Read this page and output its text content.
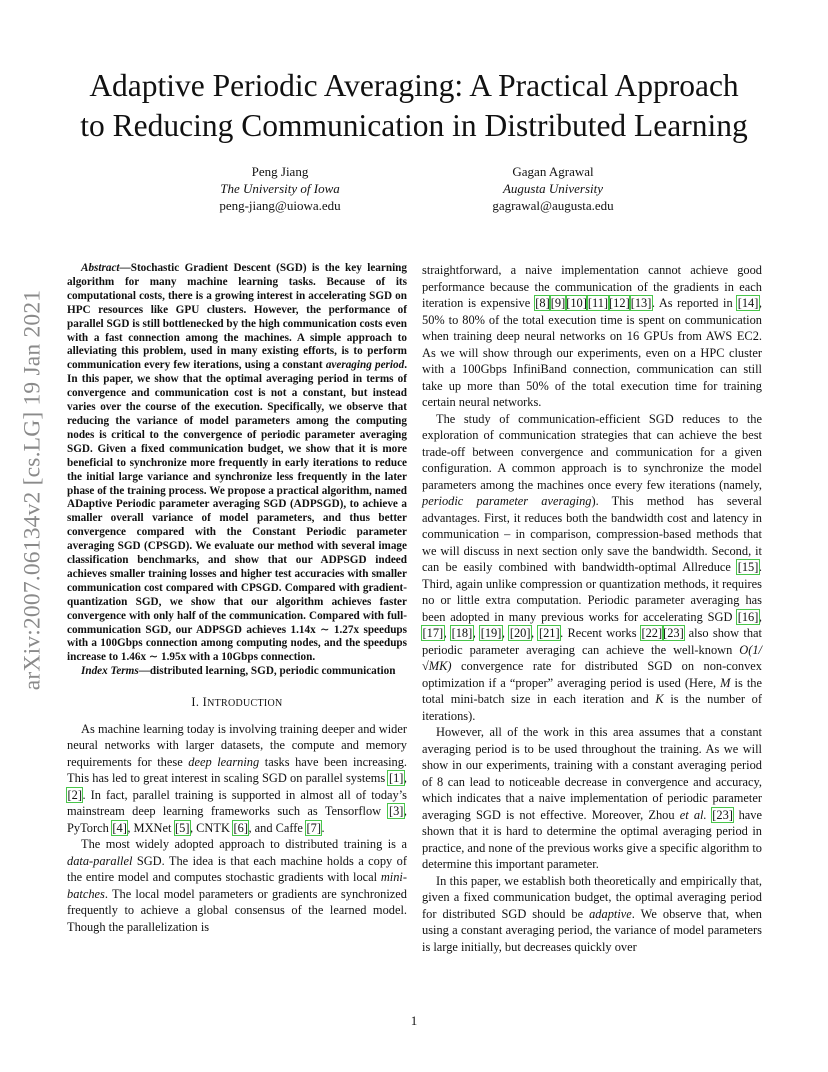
arXiv:2007.06134v2 [cs.LG] 19 Jan 2021
Adaptive Periodic Averaging: A Practical Approach
to Reducing Communication in Distributed Learning
Peng Jiang
The University of Iowa
peng-jiang@uiowa.edu
Gagan Agrawal
Augusta University
gagrawal@augusta.edu

Abstract—Stochastic Gradient Descent (SGD) is the key learning algorithm for many machine learning tasks. Because of its computational costs, there is a growing interest in accelerating SGD on HPC resources like GPU clusters. However, the performance of parallel SGD is still bottlenecked by the high communication costs even with a fast connection among the machines. A simple approach to alleviating this problem, used in many existing efforts, is to perform communication every few iterations, using a constant averaging period. In this paper, we show that the optimal averaging period in terms of convergence and communication cost is not a constant, but instead varies over the course of the execution. Specifically, we observe that reducing the variance of model parameters among the computing nodes is critical to the convergence of periodic parameter averaging SGD. Given a fixed communication budget, we show that it is more beneficial to synchronize more frequently in early iterations to reduce the initial large variance and synchronize less frequently in the later phase of the training process. We propose a practical algorithm, named ADaptive Periodic parameter averaging SGD (ADPSGD), to achieve a smaller overall variance of model parameters, and thus better convergence compared with the Constant Periodic parameter averaging SGD (CPSGD). We evaluate our method with several image classification benchmarks, and show that our ADPSGD indeed achieves smaller training losses and higher test accuracies with smaller communication cost compared with CPSGD. Compared with gradient-quantization SGD, we show that our algorithm achieves faster convergence with only half of the communication. Compared with full-communication SGD, our ADPSGD achieves 1.14x ∼ 1.27x speedups with a 100Gbps connection among computing nodes, and the speedups increase to 1.46x ∼ 1.95x with a 10Gbps connection.

Index Terms—distributed learning, SGD, periodic communication

I. INTRODUCTION

As machine learning today is involving training deeper and wider neural networks with larger datasets, the compute and memory requirements for these deep learning tasks have been increasing. This has led to great interest in scaling SGD on parallel systems [1], [2]. In fact, parallel training is supported in almost all of today’s mainstream deep learning frameworks such as Tensorflow [3], PyTorch [4], MXNet [5], CNTK [6], and Caffe [7].

The most widely adopted approach to distributed training is a data-parallel SGD. The idea is that each machine holds a copy of the entire model and computes stochastic gradients with local mini-batches. The local model parameters or gradients are synchronized frequently to achieve a global consensus of the learned model. Though the parallelization is

straightforward, a naive implementation cannot achieve good performance because the communication of the gradients in each iteration is expensive [8][9][10][11][12][13]. As reported in [14], 50% to 80% of the total execution time is spent on communication when training deep neural networks on 16 GPUs from AWS EC2. As we will show through our experiments, even on a HPC cluster with a 100Gbps InfiniBand connection, communication can still take up more than 50% of the total execution time for training certain neural networks.

The study of communication-efficient SGD reduces to the exploration of communication strategies that can achieve the best trade-off between convergence and communication for a given configuration. A common approach is to synchronize the model parameters among the machines once every few iterations (namely, periodic parameter averaging). This method has several advantages. First, it reduces both the bandwidth cost and latency in communication – in comparison, compression-based methods that we will discuss in next section only save the bandwidth. Second, it can be easily combined with bandwidth-optimal Allreduce [15]. Third, again unlike compression or quantization methods, it requires no or little extra computation. Periodic parameter averaging has been adopted in many previous works for accelerating SGD [16], [17], [18], [19], [20], [21]. Recent works [22][23] also show that periodic parameter averaging can achieve the well-known O(1/√MK) convergence rate for distributed SGD on non-convex optimization if a “proper” averaging period is used (Here, M is the total mini-batch size in each iteration and K is the number of iterations).

However, all of the work in this area assumes that a constant averaging period is to be used throughout the training. As we will show in our experiments, training with a constant averaging period of 8 can lead to noticeable decrease in convergence and accuracy, which indicates that a naive implementation of periodic parameter averaging SGD is not effective. Moreover, Zhou et al. [23] have shown that it is hard to determine the optimal averaging period in practice, and none of the previous works give a specific algorithm to determine this important parameter.

In this paper, we establish both theoretically and empirically that, given a fixed communication budget, the optimal averaging period for distributed SGD should be adaptive. We observe that, when using a constant averaging period, the variance of model parameters is large initially, but decreases quickly over

1
